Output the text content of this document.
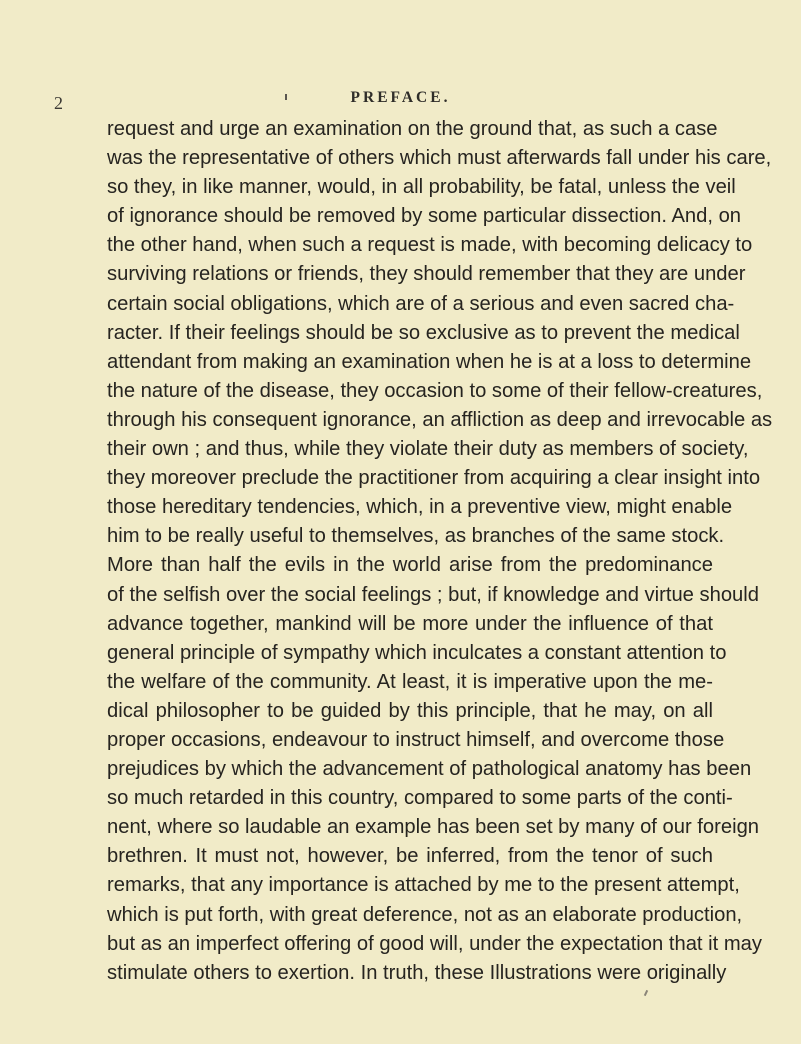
2	PREFACE.
request and urge an examination on the ground that, as such a case
was the representative of others which must afterwards fall under his care,
so they, in like manner, would, in all probability, be fatal, unless the veil
of ignorance should be removed by some particular dissection. And, on
the other hand, when such a request is made, with becoming delicacy to
surviving relations or friends, they should remember that they are under
certain social obligations, which are of a serious and even sacred cha-
racter. If their feelings should be so exclusive as to prevent the medical
attendant from making an examination when he is at a loss to determine
the nature of the disease, they occasion to some of their fellow-creatures,
through his consequent ignorance, an affliction as deep and irrevocable as
their own ; and thus, while they violate their duty as members of society,
they moreover preclude the practitioner from acquiring a clear insight into
those hereditary tendencies, which, in a preventive view, might enable
him to be really useful to themselves, as branches of the same stock.
More than half the evils in the world arise from the predominance
of the selfish over the social feelings ; but, if knowledge and virtue should
advance together, mankind will be more under the influence of that
general principle of sympathy which inculcates a constant attention to
the welfare of the community. At least, it is imperative upon the me-
dical philosopher to be guided by this principle, that he may, on all
proper occasions, endeavour to instruct himself, and overcome those
prejudices by which the advancement of pathological anatomy has been
so much retarded in this country, compared to some parts of the conti-
nent, where so laudable an example has been set by many of our foreign
brethren. It must not, however, be inferred, from the tenor of such
remarks, that any importance is attached by me to the present attempt,
which is put forth, with great deference, not as an elaborate production,
but as an imperfect offering of good will, under the expectation that it may
stimulate others to exertion. In truth, these Illustrations were originally
